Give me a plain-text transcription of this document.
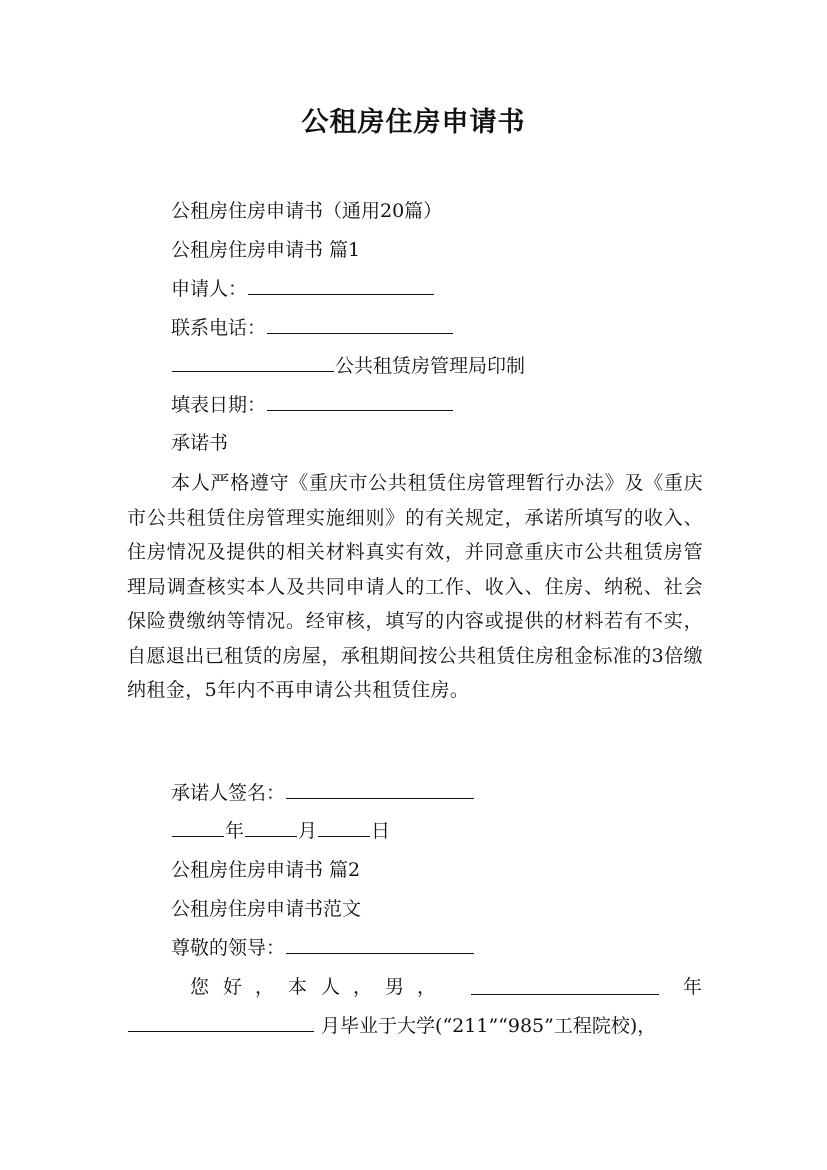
公租房住房申请书
公租房住房申请书（通用20篇）
公租房住房申请书 篇1
申请人：
联系电话：
公共租赁房管理局印制
填表日期：
承诺书
本人严格遵守《重庆市公共租赁住房管理暂行办法》及《重庆市公共租赁住房管理实施细则》的有关规定，承诺所填写的收入、住房情况及提供的相关材料真实有效，并同意重庆市公共租赁房管理局调查核实本人及共同申请人的工作、收入、住房、纳税、社会保险费缴纳等情况。经审核，填写的内容或提供的材料若有不实，自愿退出已租赁的房屋，承租期间按公共租赁住房租金标准的3倍缴纳租金，5年内不再申请公共租赁住房。
承诺人签名：
年	月	日
公租房住房申请书 篇2
公租房住房申请书范文
尊敬的领导：
您 好 ， 本 人 ， 男 ，	年
月毕业于大学(“211”“985”工程院校)，
